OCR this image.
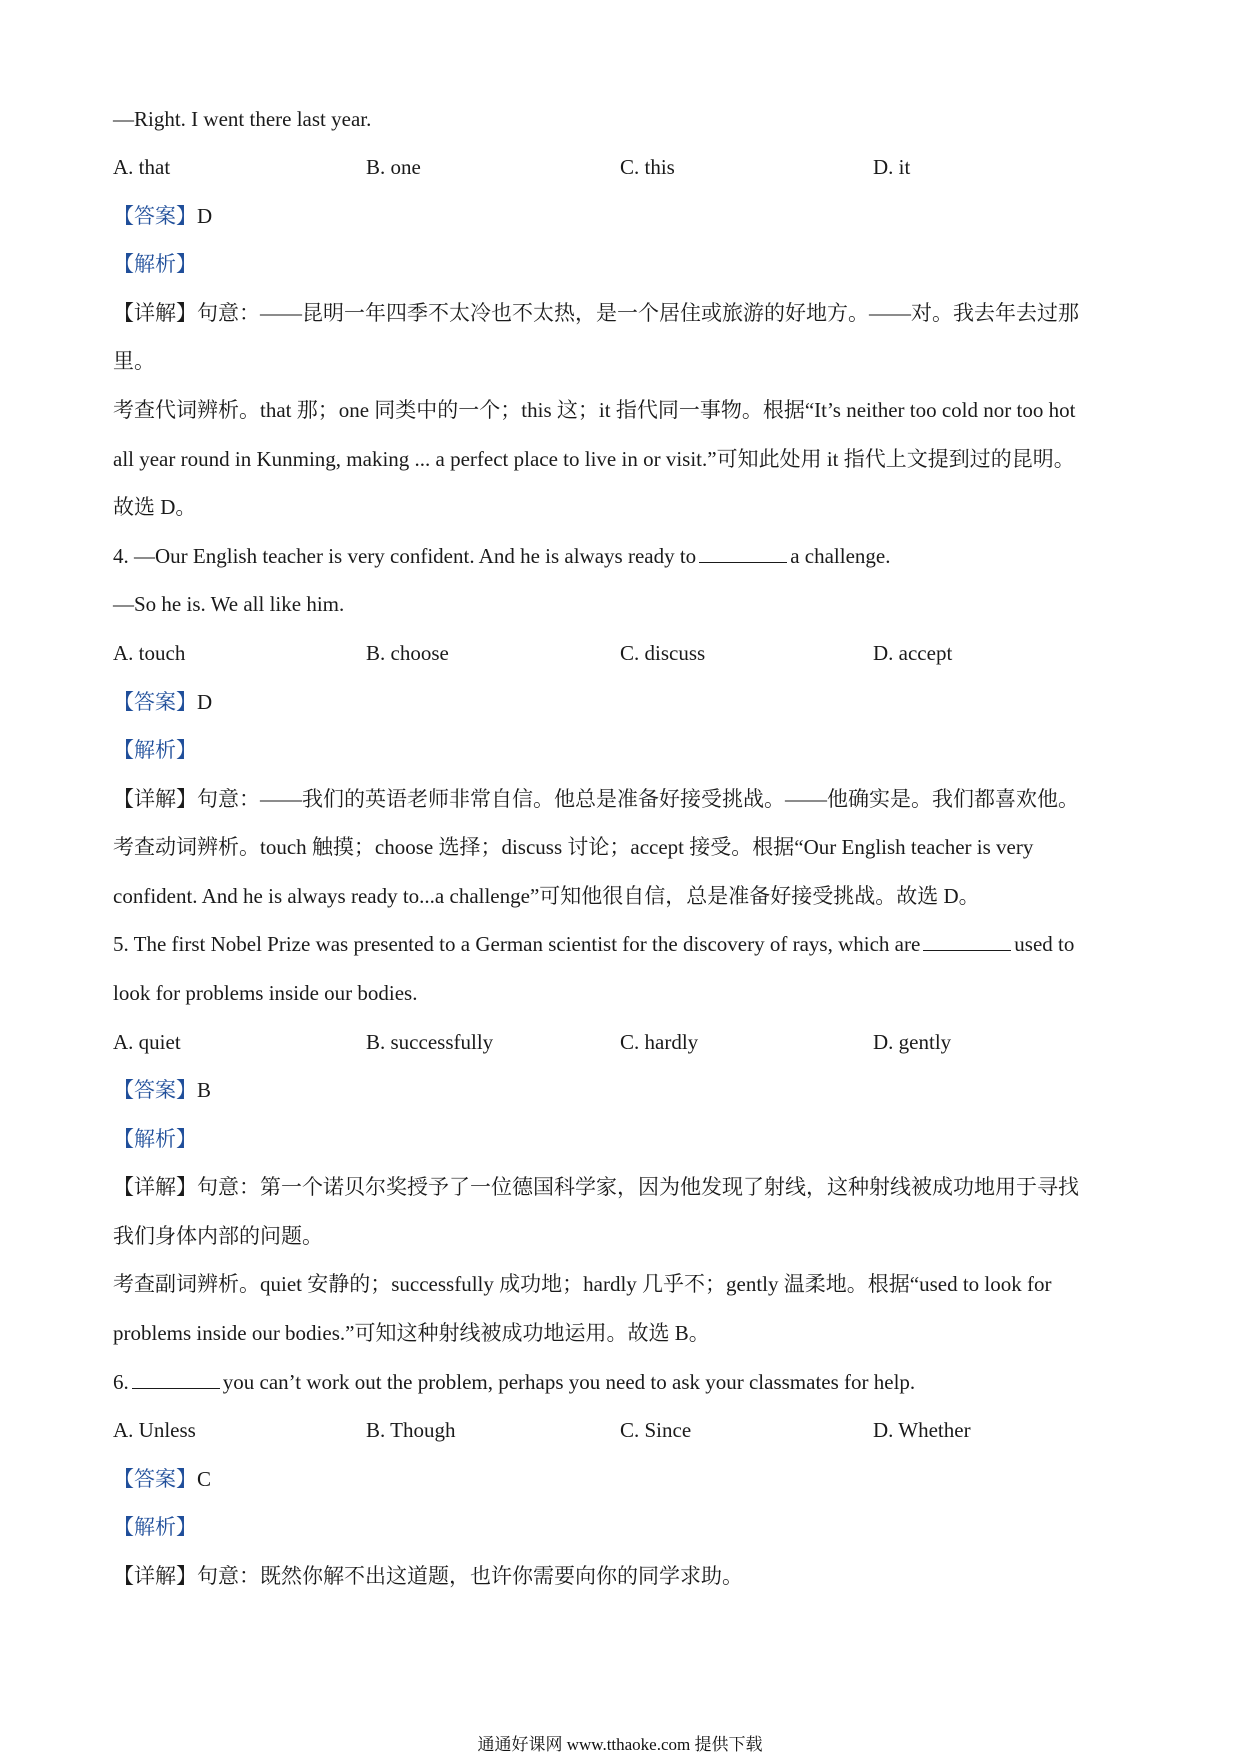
—Right. I went there last year.
A. that	B. one	C. this	D. it
【答案】D
【解析】
【详解】句意：——昆明一年四季不太冷也不太热，是一个居住或旅游的好地方。——对。我去年去过那
里。
考查代词辨析。that 那；one 同类中的一个；this 这；it 指代同一事物。根据“It’s neither too cold nor too hot
all year round in Kunming, making ... a perfect place to live in or visit.”可知此处用 it 指代上文提到过的昆明。
故选 D。
4. —Our English teacher is very confident. And he is always ready to	a challenge.
—So he is. We all like him.
A. touch	B. choose	C. discuss	D. accept
【答案】D
【解析】
【详解】句意：——我们的英语老师非常自信。他总是准备好接受挑战。——他确实是。我们都喜欢他。
考查动词辨析。touch 触摸；choose 选择；discuss 讨论；accept 接受。根据“Our English teacher is very
confident. And he is always ready to...a challenge”可知他很自信，总是准备好接受挑战。故选 D。
5. The first Nobel Prize was presented to a German scientist for the discovery of rays, which are	used to
look for problems inside our bodies.
A. quiet	B. successfully	C. hardly	D. gently
【答案】B
【解析】
【详解】句意：第一个诺贝尔奖授予了一位德国科学家，因为他发现了射线，这种射线被成功地用于寻找
我们身体内部的问题。
考查副词辨析。quiet 安静的；successfully 成功地；hardly 几乎不；gently 温柔地。根据“used to look for
problems inside our bodies.”可知这种射线被成功地运用。故选 B。
6.	you can’t work out the problem, perhaps you need to ask your classmates for help.
A. Unless	B. Though	C. Since	D. Whether
【答案】C
【解析】
【详解】句意：既然你解不出这道题，也许你需要向你的同学求助。
通通好课网 www.tthaoke.com 提供下载
